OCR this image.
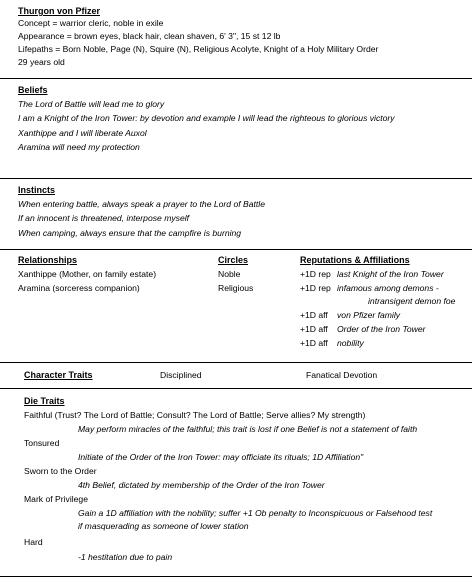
Thurgon von Pfizer
Concept = warrior cleric, noble in exile
Appearance = brown eyes, black hair, clean shaven, 6' 3", 15 st 12 lb
Lifepaths = Born Noble, Page (N), Squire (N), Religious Acolyte, Knight of a Holy Military Order
29 years old
Beliefs
The Lord of Battle will lead me to glory
I am a Knight of the Iron Tower: by devotion and example I will lead the righteous to glorious victory
Xanthippe and I will liberate Auxol
Aramina will need my protection
Instincts
When entering battle, always speak a prayer to the Lord of Battle
If an innocent is threatened, interpose myself
When camping, always ensure that the campfire is burning
Relationships
Xanthippe (Mother, on family estate)
Aramina (sorceress companion)
Circles
Noble
Religious
Reputations & Affiliations
+1D rep last Knight of the Iron Tower
+1D rep infamous among demons -
intransigent demon foe
+1D aff von Pfizer family
+1D aff Order of the Iron Tower
+1D aff nobility
Character Traits	Disciplined	Fanatical Devotion
Die Traits
Faithful (Trust? The Lord of Battle; Consult? The Lord of Battle; Serve allies? My strength)
May perform miracles of the faithful; this trait is lost if one Belief is not a statement of faith
Tonsured
Initiate of the Order of the Iron Tower: may officiate its rituals; 1D Affiliation"
Sworn to the Order
4th Belief, dictated by membership of the Order of the Iron Tower
Mark of Privilege
Gain a 1D affiliation with the nobility; suffer +1 Ob penalty to Inconspicuous or Falsehood test
if masquerading as someone of lower station
Hard
-1 hestitation due to pain
